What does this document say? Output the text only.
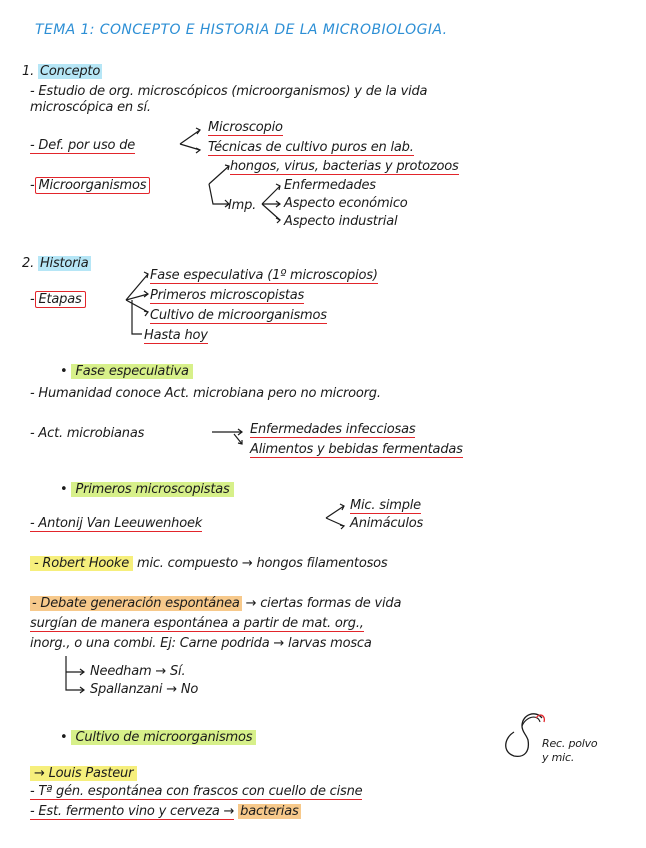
TEMA 1: CONCEPTO E HISTORIA DE LA MICROBIOLOGIA.
1. Concepto
- Estudio de org. microscópicos (microorganismos) y de la vida
microscópica en sí.
- Def. por uso de
Microscopio
Técnicas de cultivo puros en lab.
- Microorganismos
hongos, virus, bacterias y protozoos
Imp.
Enfermedades
Aspecto económico
Aspecto industrial
2. Historia
- Etapas
Fase especulativa (1º microscopios)
Primeros microscopistas
Cultivo de microorganismos
Hasta hoy
• Fase especulativa
- Humanidad conoce Act. microbiana pero no microorg.
- Act. microbianas	Enfermedades infecciosas
Alimentos y bebidas fermentadas
• Primeros microscopistas
- Antonij Van Leeuwenhoek
Mic. simple
Animáculos
- Robert Hooke mic. compuesto → hongos filamentosos
- Debate generación espontánea → ciertas formas de vida
surgían de manera espontánea a partir de mat. org.,
inorg., o una combi. Ej: Carne podrida → larvas mosca
Needham → Sí.
Spallanzani → No
• Cultivo de microorganismos	Rec. polvo
y mic.
→ Louis Pasteur
- Tª gén. espontánea con frascos con cuello de cisne
- Est. fermento vino y cerveza → bacterias
